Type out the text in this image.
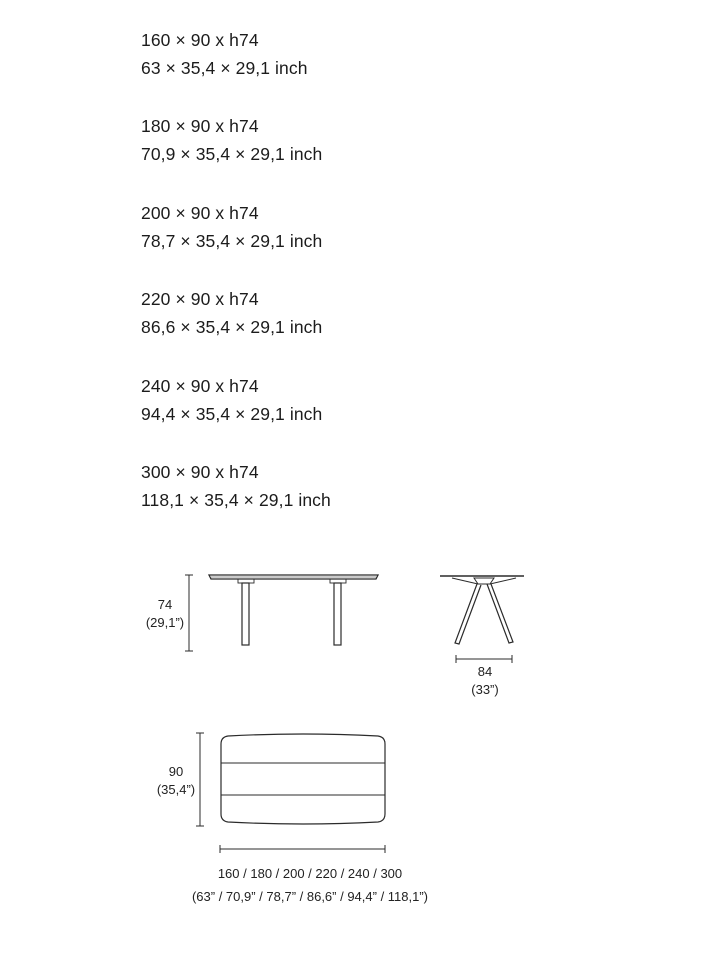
160 × 90 x h74
63 × 35,4 × 29,1 inch
180 × 90 x h74
70,9 × 35,4 × 29,1 inch
200 × 90 x h74
78,7 × 35,4 × 29,1 inch
220 × 90 x h74
86,6 × 35,4 × 29,1 inch
240 × 90 x h74
94,4 × 35,4 × 29,1 inch
300 × 90 x h74
118,1 × 35,4 × 29,1 inch
74
(29,1”)
84
(33”)
90
(35,4”)
160 / 180 / 200 / 220 / 240 / 300
(63” / 70,9” / 78,7” / 86,6” / 94,4” / 118,1”)
